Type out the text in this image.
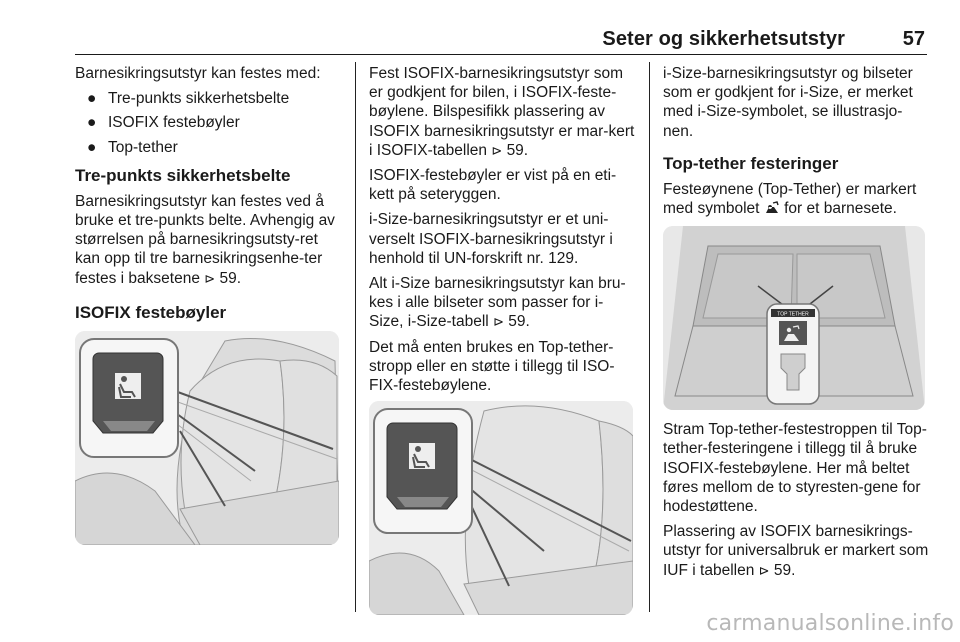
Seter og sikkerhetsutstyr	57

Barnesikringsutstyr kan festes med:

● Tre-punkts sikkerhetsbelte
● ISOFIX festebøyler
● Top-tether
Tre-punkts sikkerhetsbelte

Barnesikringsutstyr kan festes ved å bruke et tre-punkts belte. Avhengig av størrelsen på barnesikringsutsty-ret kan opp til tre barnesikringsenhe-ter festes i baksetene ⊳ 59.

ISOFIX festebøyler

Fest ISOFIX-barnesikringsutstyr som er godkjent for bilen, i ISOFIX-feste-bøylene. Bilspesifikk plassering av ISOFIX barnesikringsutstyr er mar-kert i ISOFIX-tabellen ⊳ 59.

ISOFIX-festebøyler er vist på en eti-kett på seteryggen.

i-Size-barnesikringsutstyr er et uni-verselt ISOFIX-barnesikringsutstyr i henhold til UN-forskrift nr. 129.

Alt i-Size barnesikringsutstyr kan bru-kes i alle bilseter som passer for i-Size, i-Size-tabell ⊳ 59.

Det må enten brukes en Top-tether-stropp eller en støtte i tillegg til ISO-FIX-festebøylene.

i-Size-barnesikringsutstyr og bilseter som er godkjent for i-Size, er merket med i-Size-symbolet, se illustrasjo-nen.

Top-tether festeringer

Festeøynene (Top-Tether) er markert med symbolet for et barnesete.

TOP TETHER

Stram Top-tether-festestroppen til Top-tether-festeringene i tillegg til å bruke ISOFIX-festebøylene. Her må beltet føres mellom de to styresten-gene for hodestøttene.

Plassering av ISOFIX barnesikrings-utstyr for universalbruk er markert som IUF i tabellen ⊳ 59.

carmanualsonline.info
